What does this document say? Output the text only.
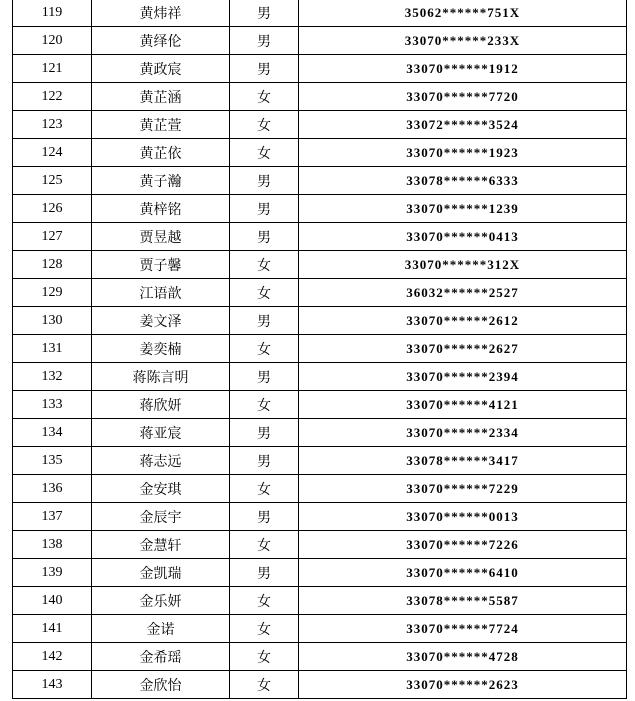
119	黄炜祥	男	35062******751X
120	黄绎伦	男	33070******233X
121	黄政宸	男	33070******1912
122	黄芷涵	女	33070******7720
123	黄芷萱	女	33072******3524
124	黄芷依	女	33070******1923
125	黄子瀚	男	33078******6333
126	黄梓铭	男	33070******1239
127	贾昱越	男	33070******0413
128	贾子馨	女	33070******312X
129	江语歆	女	36032******2527
130	姜文泽	男	33070******2612
131	姜奕楠	女	33070******2627
132	蒋陈言明	男	33070******2394
133	蒋欣妍	女	33070******4121
134	蒋亚宸	男	33070******2334
135	蒋志远	男	33078******3417
136	金安琪	女	33070******7229
137	金辰宇	男	33070******0013
138	金慧轩	女	33070******7226
139	金凯瑞	男	33070******6410
140	金乐妍	女	33078******5587
141	金诺	女	33070******7724
142	金希瑶	女	33070******4728
143	金欣怡	女	33070******2623
